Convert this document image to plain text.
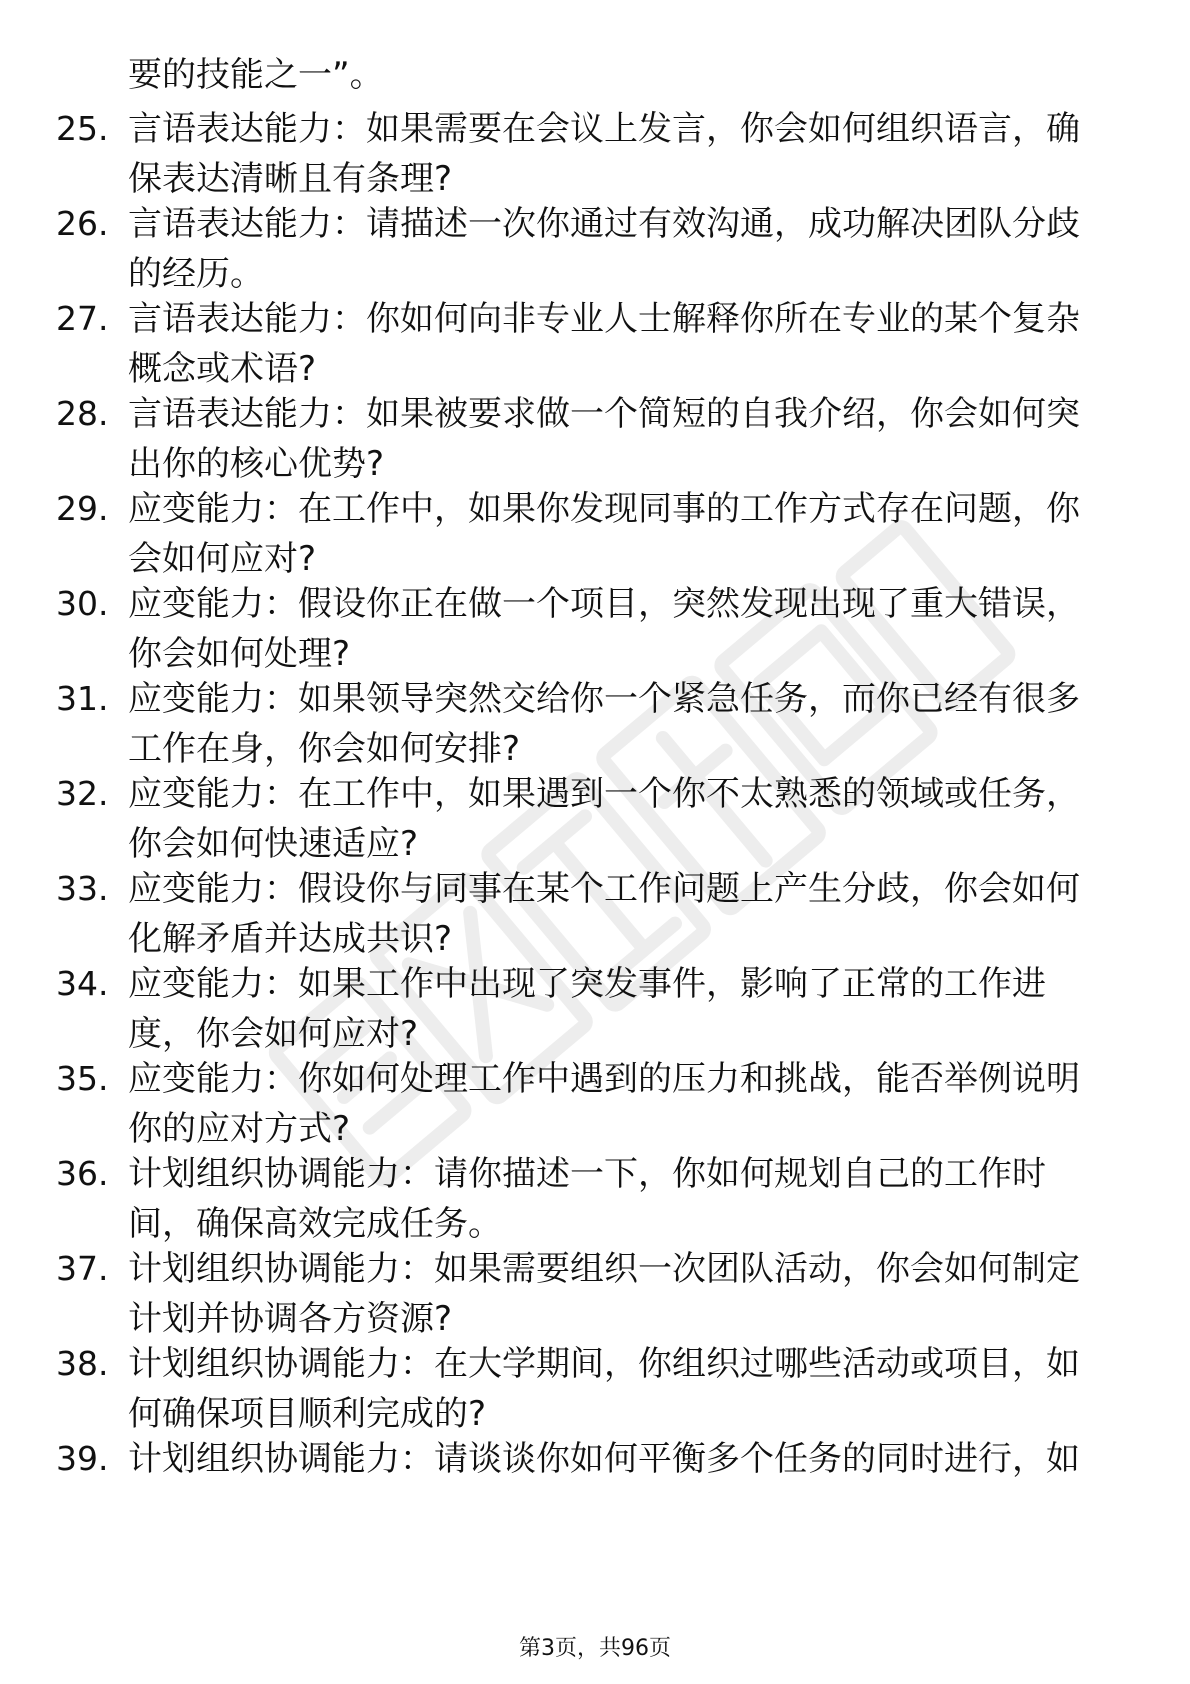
要的技能之一”。
25. 言语表达能力：如果需要在会议上发言，你会如何组织语言，确
保表达清晰且有条理?
26. 言语表达能力：请描述一次你通过有效沟通，成功解决团队分歧
的经历。
27. 言语表达能力：你如何向非专业人士解释你所在专业的某个复杂
概念或术语?
28. 言语表达能力：如果被要求做一个简短的自我介绍，你会如何突
出你的核心优势?
29. 应变能力：在工作中，如果你发现同事的工作方式存在问题，你
会如何应对?
30. 应变能力：假设你正在做一个项目，突然发现出现了重大错误，
你会如何处理?
31. 应变能力：如果领导突然交给你一个紧急任务，而你已经有很多
工作在身，你会如何安排?
32. 应变能力：在工作中，如果遇到一个你不太熟悉的领域或任务，
你会如何快速适应?
33. 应变能力：假设你与同事在某个工作问题上产生分歧，你会如何
化解矛盾并达成共识?
34. 应变能力：如果工作中出现了突发事件，影响了正常的工作进
度，你会如何应对?
35. 应变能力：你如何处理工作中遇到的压力和挑战，能否举例说明
你的应对方式?
36. 计划组织协调能力：请你描述一下，你如何规划自己的工作时
间，确保高效完成任务。
37. 计划组织协调能力：如果需要组织一次团队活动，你会如何制定
计划并协调各方资源?
38. 计划组织协调能力：在大学期间，你组织过哪些活动或项目，如
何确保项目顺利完成的?
39. 计划组织协调能力：请谈谈你如何平衡多个任务的同时进行，如
第3页，共96页
